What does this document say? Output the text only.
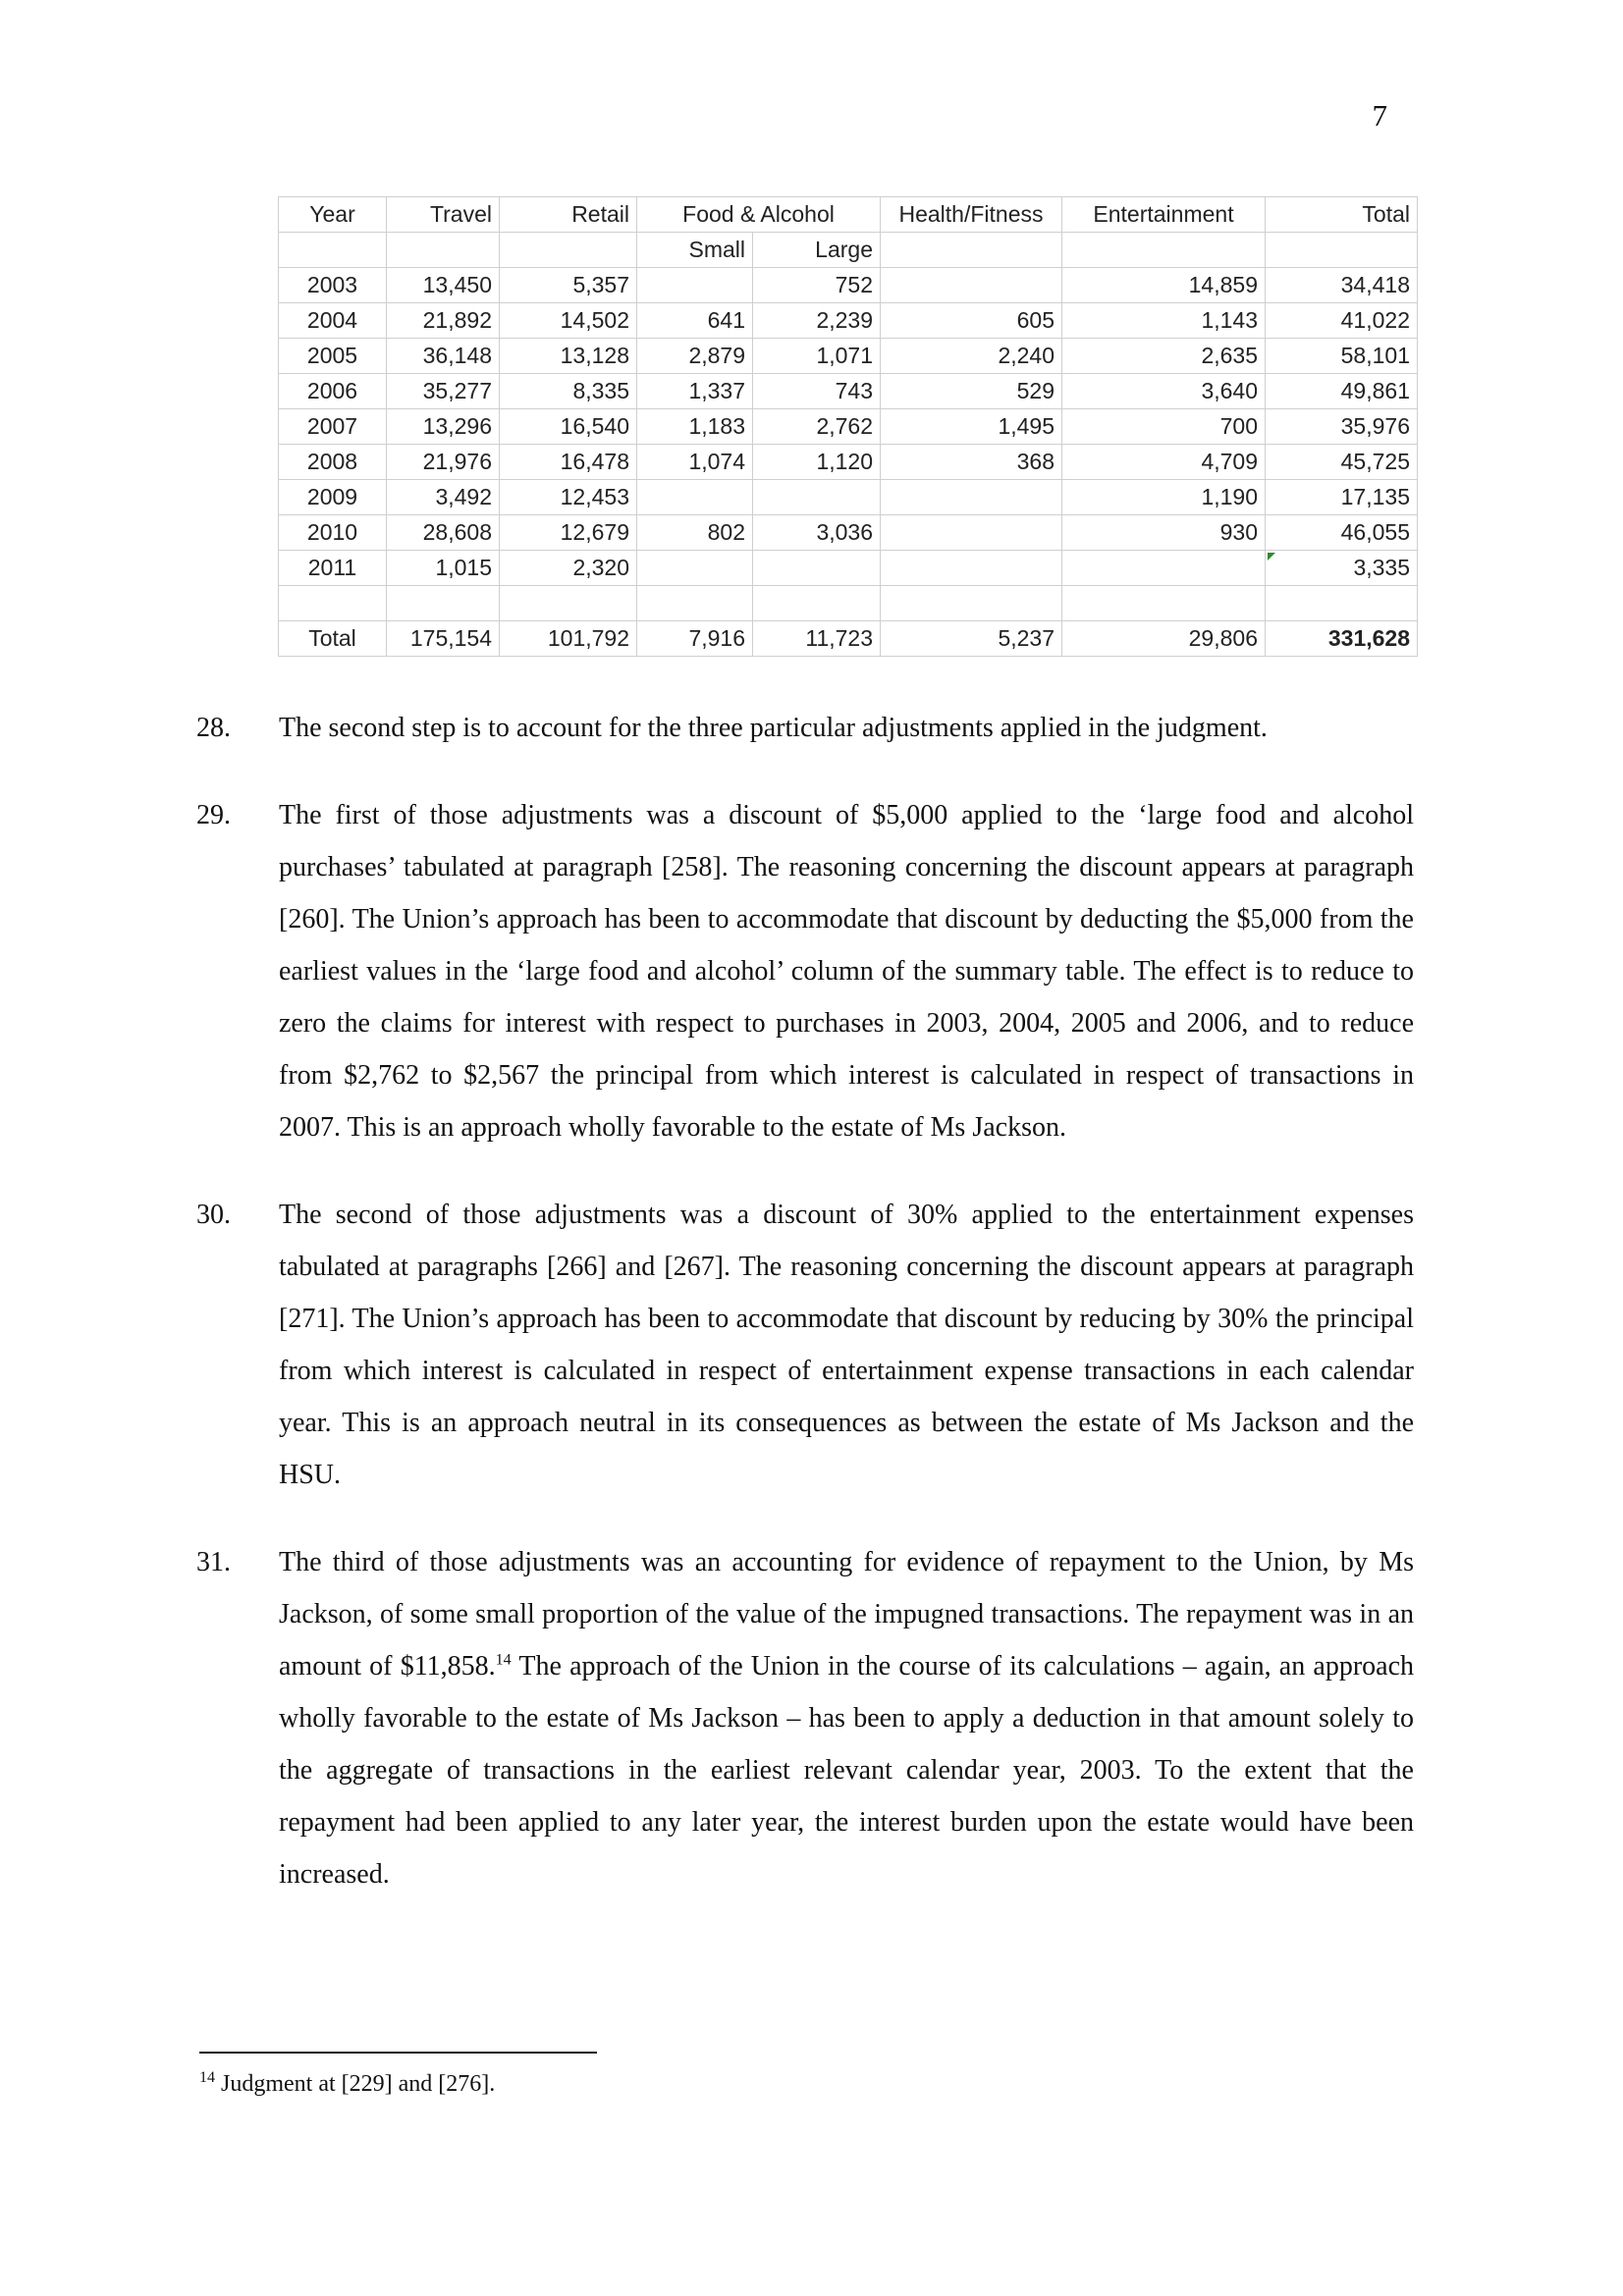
7
Year	Travel	Retail	Food & Alcohol		Health/Fitness	Entertainment	Total
			Small	Large			
2003	13,450	5,357		752		14,859	34,418
2004	21,892	14,502	641	2,239	605	1,143	41,022
2005	36,148	13,128	2,879	1,071	2,240	2,635	58,101
2006	35,277	8,335	1,337	743	529	3,640	49,861
2007	13,296	16,540	1,183	2,762	1,495	700	35,976
2008	21,976	16,478	1,074	1,120	368	4,709	45,725
2009	3,492	12,453				1,190	17,135
2010	28,608	12,679	802	3,036		930	46,055
2011	1,015	2,320					3,335

Total	175,154	101,792	7,916	11,723	5,237	29,806	331,628
28.	The second step is to account for the three particular adjustments applied in the judgment.
29.	The first of those adjustments was a discount of $5,000 applied to the ‘large food and alcohol purchases’ tabulated at paragraph [258]. The reasoning concerning the discount appears at paragraph [260]. The Union’s approach has been to accommodate that discount by deducting the $5,000 from the earliest values in the ‘large food and alcohol’ column of the summary table. The effect is to reduce to zero the claims for interest with respect to purchases in 2003, 2004, 2005 and 2006, and to reduce from $2,762 to $2,567 the principal from which interest is calculated in respect of transactions in 2007. This is an approach wholly favorable to the estate of Ms Jackson.
30.	The second of those adjustments was a discount of 30% applied to the entertainment expenses tabulated at paragraphs [266] and [267]. The reasoning concerning the discount appears at paragraph [271]. The Union’s approach has been to accommodate that discount by reducing by 30% the principal from which interest is calculated in respect of entertainment expense transactions in each calendar year. This is an approach neutral in its consequences as between the estate of Ms Jackson and the HSU.
31.	The third of those adjustments was an accounting for evidence of repayment to the Union, by Ms Jackson, of some small proportion of the value of the impugned transactions. The repayment was in an amount of $11,858.14 The approach of the Union in the course of its calculations – again, an approach wholly favorable to the estate of Ms Jackson – has been to apply a deduction in that amount solely to the aggregate of transactions in the earliest relevant calendar year, 2003. To the extent that the repayment had been applied to any later year, the interest burden upon the estate would have been increased.
$^{14}$ Judgment at [229] and [276].
